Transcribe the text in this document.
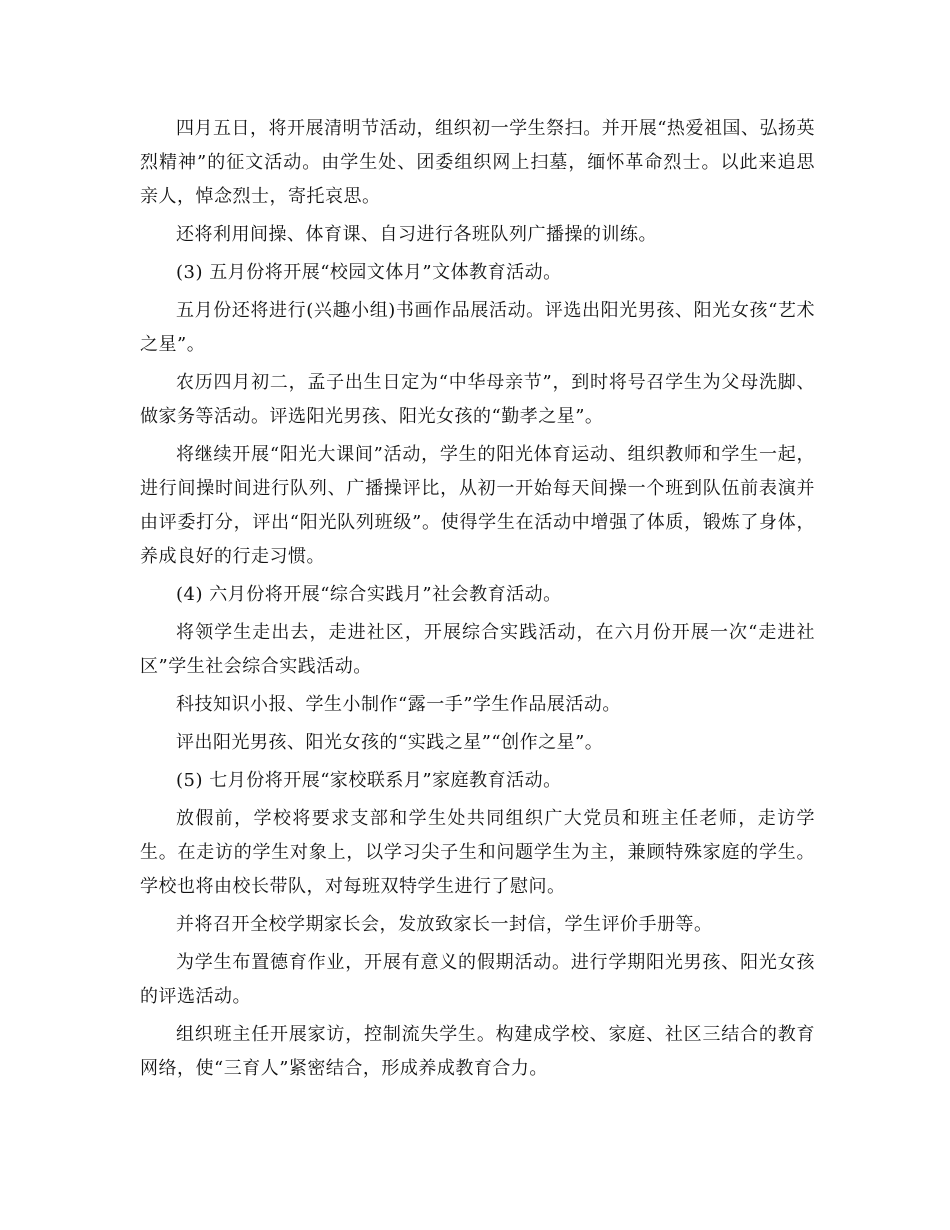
四月五日，将开展清明节活动，组织初一学生祭扫。并开展“热爱祖国、弘扬英烈精神”的征文活动。由学生处、团委组织网上扫墓，缅怀革命烈士。以此来追思亲人，悼念烈士，寄托哀思。

还将利用间操、体育课、自习进行各班队列广播操的训练。

(3) 五月份将开展“校园文体月”文体教育活动。

五月份还将进行(兴趣小组)书画作品展活动。评选出阳光男孩、阳光女孩“艺术之星”。

农历四月初二，孟子出生日定为“中华母亲节”，到时将号召学生为父母洗脚、做家务等活动。评选阳光男孩、阳光女孩的“勤孝之星”。

将继续开展“阳光大课间”活动，学生的阳光体育运动、组织教师和学生一起，进行间操时间进行队列、广播操评比，从初一开始每天间操一个班到队伍前表演并由评委打分，评出“阳光队列班级”。使得学生在活动中增强了体质，锻炼了身体，养成良好的行走习惯。

(4) 六月份将开展“综合实践月”社会教育活动。

将领学生走出去，走进社区，开展综合实践活动，在六月份开展一次“走进社区”学生社会综合实践活动。

科技知识小报、学生小制作“露一手”学生作品展活动。

评出阳光男孩、阳光女孩的“实践之星”“创作之星”。

(5) 七月份将开展“家校联系月”家庭教育活动。

放假前，学校将要求支部和学生处共同组织广大党员和班主任老师，走访学生。在走访的学生对象上，以学习尖子生和问题学生为主，兼顾特殊家庭的学生。学校也将由校长带队，对每班双特学生进行了慰问。

并将召开全校学期家长会，发放致家长一封信，学生评价手册等。

为学生布置德育作业，开展有意义的假期活动。进行学期阳光男孩、阳光女孩的评选活动。

组织班主任开展家访，控制流失学生。构建成学校、家庭、社区三结合的教育网络，使“三育人”紧密结合，形成养成教育合力。
